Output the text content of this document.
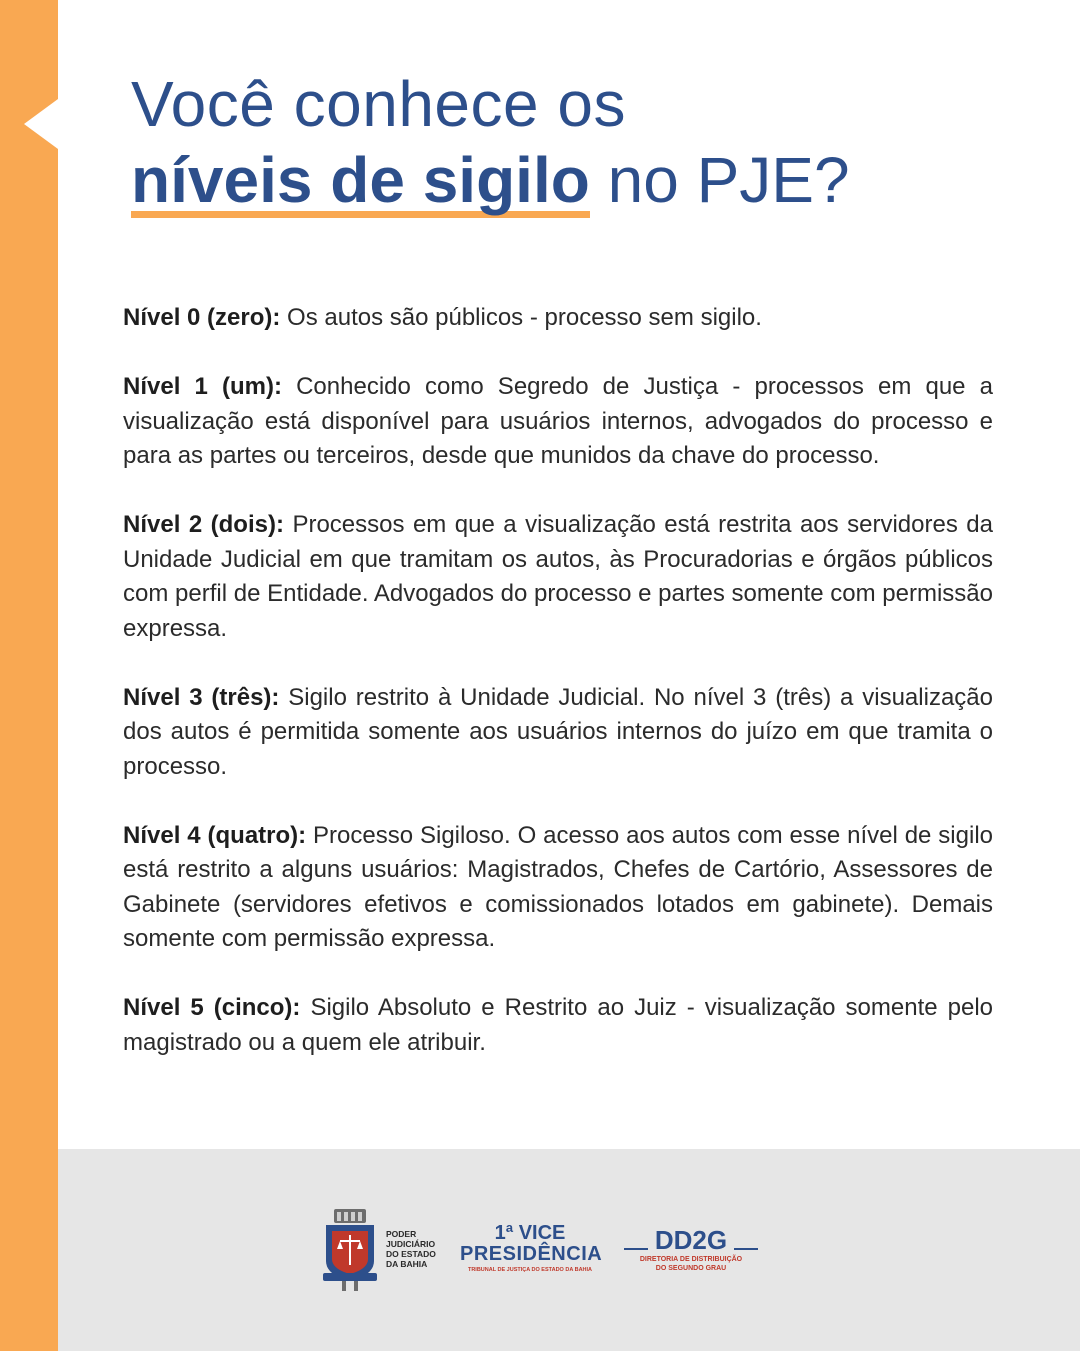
Você conhece os
níveis de sigilo no PJE?

Nível 0 (zero): Os autos são públicos - processo sem sigilo.

Nível 1 (um): Conhecido como Segredo de Justiça - processos em que a visualização está disponível para usuários internos, advogados do processo e para as partes ou terceiros, desde que munidos da chave do processo.

Nível 2 (dois): Processos em que a visualização está restrita aos servidores da Unidade Judicial em que tramitam os autos, às Procuradorias e órgãos públicos com perfil de Entidade. Advogados do processo e partes somente com permissão expressa.

Nível 3 (três): Sigilo restrito à Unidade Judicial. No nível 3 (três) a visualização dos autos é permitida somente aos usuários internos do juízo em que tramita o processo.

Nível 4 (quatro): Processo Sigiloso. O acesso aos autos com esse nível de sigilo está restrito a alguns usuários: Magistrados, Chefes de Cartório, Assessores de Gabinete (servidores efetivos e comissionados lotados em gabinete). Demais somente com permissão expressa.

Nível 5 (cinco): Sigilo Absoluto e Restrito ao Juiz - visualização somente pelo magistrado ou a quem ele atribuir.

PODER
JUDICIÁRIO
DO ESTADO
DA BAHIA
1ª VICE
PRESIDÊNCIA
TRIBUNAL DE JUSTIÇA DO ESTADO DA BAHIA
DD2G
DIRETORIA DE DISTRIBUIÇÃO
DO SEGUNDO GRAU
